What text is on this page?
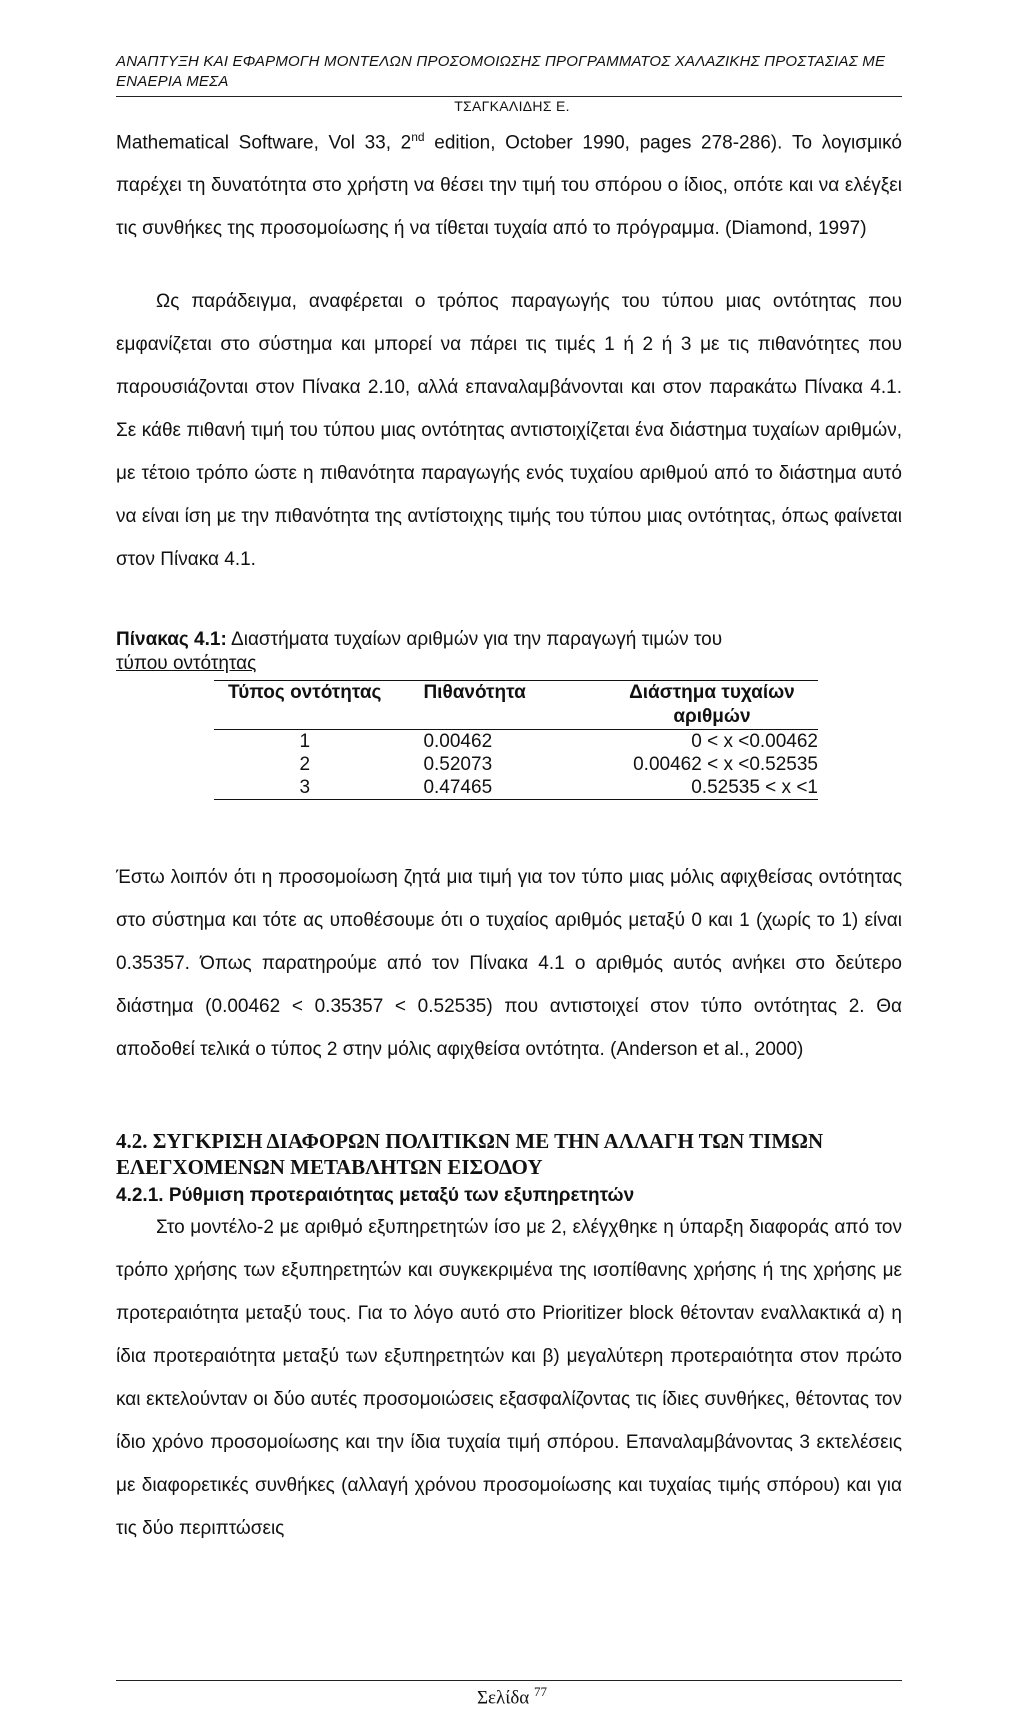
ΑΝΑΠΤΥΞΗ ΚΑΙ ΕΦΑΡΜΟΓΗ ΜΟΝΤΕΛΩΝ ΠΡΟΣΟΜΟΙΩΣΗΣ ΠΡΟΓΡΑΜΜΑΤΟΣ ΧΑΛΑΖΙΚΗΣ ΠΡΟΣΤΑΣΙΑΣ ΜΕ ΕΝΑΕΡΙΑ ΜΕΣΑ
ΤΣΑΓΚΑΛΙΔΗΣ Ε.

Mathematical Software, Vol 33, 2nd edition, October 1990, pages 278-286). Το λογισμικό παρέχει τη δυνατότητα στο χρήστη να θέσει την τιμή του σπόρου ο ίδιος, οπότε και να ελέγξει τις συνθήκες της προσομοίωσης ή να τίθεται τυχαία από το πρόγραμμα. (Diamond, 1997)

Ως παράδειγμα, αναφέρεται ο τρόπος παραγωγής του τύπου μιας οντότητας που εμφανίζεται στο σύστημα και μπορεί να πάρει τις τιμές 1 ή 2 ή 3 με τις πιθανότητες που παρουσιάζονται στον Πίνακα 2.10, αλλά επαναλαμβάνονται και στον παρακάτω Πίνακα 4.1. Σε κάθε πιθανή τιμή του τύπου μιας οντότητας αντιστοιχίζεται ένα διάστημα τυχαίων αριθμών, με τέτοιο τρόπο ώστε η πιθανότητα παραγωγής ενός τυχαίου αριθμού από το διάστημα αυτό να είναι ίση με την πιθανότητα της αντίστοιχης τιμής του τύπου μιας οντότητας, όπως φαίνεται στον Πίνακα 4.1.

Πίνακας 4.1: Διαστήματα τυχαίων αριθμών για την παραγωγή τιμών του
τύπου οντότητας

Τύπος οντότητας	Πιθανότητα	Διάστημα τυχαίων αριθμών
1	0.00462	0 < x <0.00462
2	0.52073	0.00462 < x <0.52535
3	0.47465	0.52535 < x <1

Έστω λοιπόν ότι η προσομοίωση ζητά μια τιμή για τον τύπο μιας μόλις αφιχθείσας οντότητας στο σύστημα και τότε ας υποθέσουμε ότι ο τυχαίος αριθμός μεταξύ 0 και 1 (χωρίς το 1) είναι 0.35357. Όπως παρατηρούμε από τον Πίνακα 4.1 ο αριθμός αυτός ανήκει στο δεύτερο διάστημα (0.00462 < 0.35357 < 0.52535) που αντιστοιχεί στον τύπο οντότητας 2. Θα αποδοθεί τελικά ο τύπος 2 στην μόλις αφιχθείσα οντότητα. (Anderson et al., 2000)

4.2. ΣΥΓΚΡΙΣΗ ΔΙΑΦΟΡΩΝ ΠΟΛΙΤΙΚΩΝ ΜΕ ΤΗΝ ΑΛΛΑΓΗ ΤΩΝ ΤΙΜΩΝ ΕΛΕΓΧΟΜΕΝΩΝ ΜΕΤΑΒΛΗΤΩΝ ΕΙΣΟΔΟΥ
4.2.1. Ρύθμιση προτεραιότητας μεταξύ των εξυπηρετητών

Στο μοντέλο-2 με αριθμό εξυπηρετητών ίσο με 2, ελέγχθηκε η ύπαρξη διαφοράς από τον τρόπο χρήσης των εξυπηρετητών και συγκεκριμένα της ισοπίθανης χρήσης ή της χρήσης με προτεραιότητα μεταξύ τους. Για το λόγο αυτό στο Prioritizer block θέτονταν εναλλακτικά α) η ίδια προτεραιότητα μεταξύ των εξυπηρετητών και β) μεγαλύτερη προτεραιότητα στον πρώτο και εκτελούνταν οι δύο αυτές προσομοιώσεις εξασφαλίζοντας τις ίδιες συνθήκες, θέτοντας τον ίδιο χρόνο προσομοίωσης και την ίδια τυχαία τιμή σπόρου. Επαναλαμβάνοντας 3 εκτελέσεις με διαφορετικές συνθήκες (αλλαγή χρόνου προσομοίωσης και τυχαίας τιμής σπόρου) και για τις δύο περιπτώσεις

Σελίδα $^{77}$
